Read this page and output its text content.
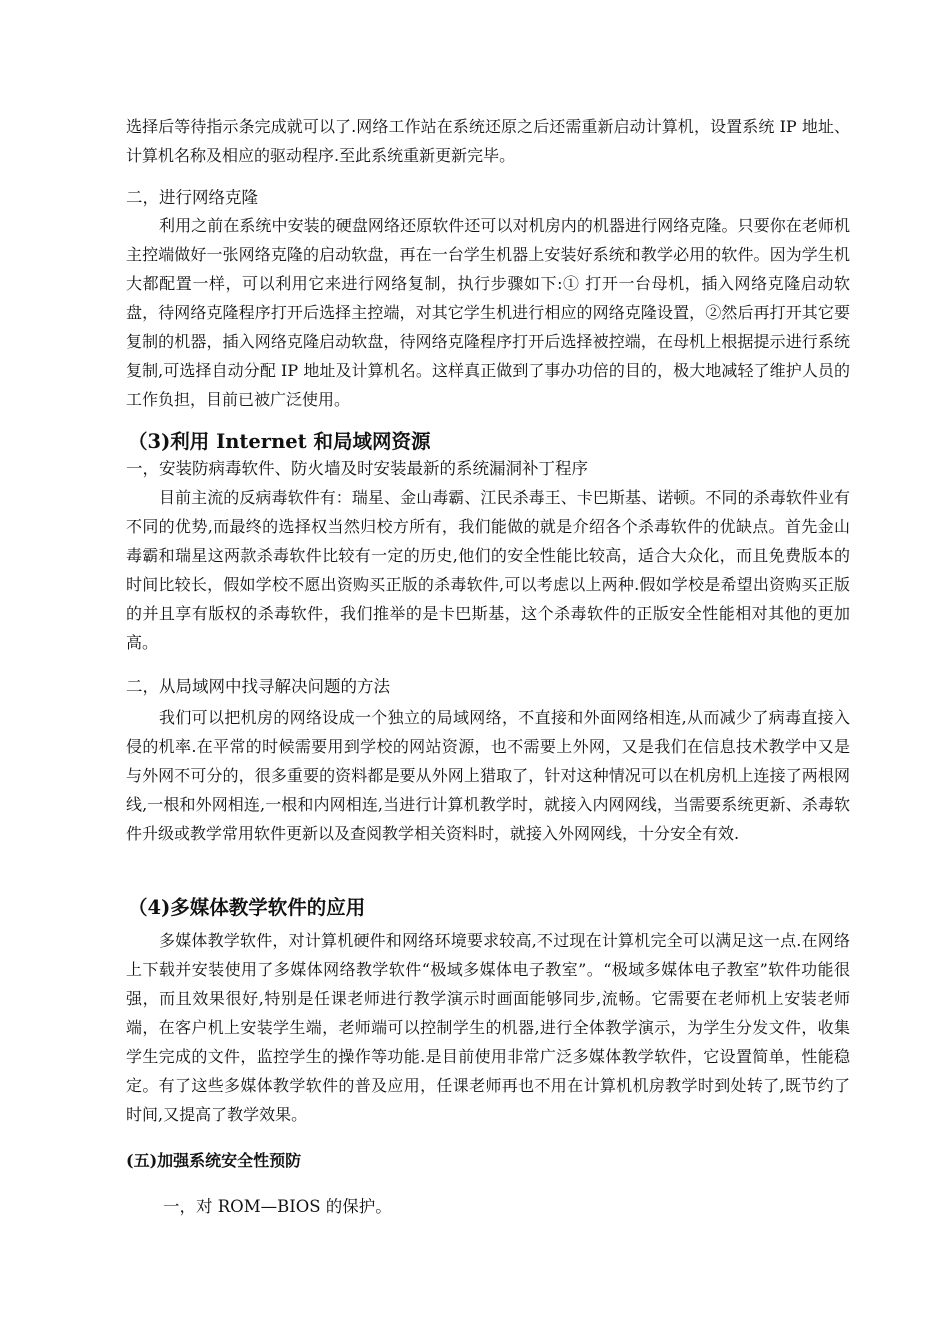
选择后等待指示条完成就可以了.网络工作站在系统还原之后还需重新启动计算机，设置系统 IP 地址、计算机名称及相应的驱动程序.至此系统重新更新完毕。

二，进行网络克隆

利用之前在系统中安装的硬盘网络还原软件还可以对机房内的机器进行网络克隆。只要你在老师机主控端做好一张网络克隆的启动软盘，再在一台学生机器上安装好系统和教学必用的软件。因为学生机大都配置一样，可以利用它来进行网络复制，执行步骤如下:① 打开一台母机，插入网络克隆启动软盘，待网络克隆程序打开后选择主控端，对其它学生机进行相应的网络克隆设置，②然后再打开其它要复制的机器，插入网络克隆启动软盘，待网络克隆程序打开后选择被控端，在母机上根据提示进行系统复制,可选择自动分配 IP 地址及计算机名。这样真正做到了事办功倍的目的，极大地减轻了维护人员的工作负担，目前已被广泛使用。

（3)利用 Internet 和局域网资源

一，安装防病毒软件、防火墙及时安装最新的系统漏洞补丁程序

目前主流的反病毒软件有：瑞星、金山毒霸、江民杀毒王、卡巴斯基、诺顿。不同的杀毒软件业有不同的优势,而最终的选择权当然归校方所有，我们能做的就是介绍各个杀毒软件的优缺点。首先金山毒霸和瑞星这两款杀毒软件比较有一定的历史,他们的安全性能比较高，适合大众化，而且免费版本的时间比较长，假如学校不愿出资购买正版的杀毒软件,可以考虑以上两种.假如学校是希望出资购买正版的并且享有版权的杀毒软件，我们推举的是卡巴斯基，这个杀毒软件的正版安全性能相对其他的更加高。

二，从局域网中找寻解决问题的方法

我们可以把机房的网络设成一个独立的局域网络，不直接和外面网络相连,从而减少了病毒直接入侵的机率.在平常的时候需要用到学校的网站资源，也不需要上外网，又是我们在信息技术教学中又是与外网不可分的，很多重要的资料都是要从外网上猎取了，针对这种情况可以在机房机上连接了两根网线,一根和外网相连,一根和内网相连,当进行计算机教学时，就接入内网网线，当需要系统更新、杀毒软件升级或教学常用软件更新以及查阅教学相关资料时，就接入外网网线，十分安全有效.

（4)多媒体教学软件的应用

多媒体教学软件，对计算机硬件和网络环境要求较高,不过现在计算机完全可以满足这一点.在网络上下载并安装使用了多媒体网络教学软件“极域多媒体电子教室”。“极域多媒体电子教室”软件功能很强，而且效果很好,特别是任课老师进行教学演示时画面能够同步,流畅。它需要在老师机上安装老师端，在客户机上安装学生端，老师端可以控制学生的机器,进行全体教学演示，为学生分发文件，收集学生完成的文件，监控学生的操作等功能.是目前使用非常广泛多媒体教学软件，它设置简单，性能稳定。有了这些多媒体教学软件的普及应用，任课老师再也不用在计算机机房教学时到处转了,既节约了时间,又提高了教学效果。

(五)加强系统安全性预防

一，对 ROM—BIOS 的保护。
